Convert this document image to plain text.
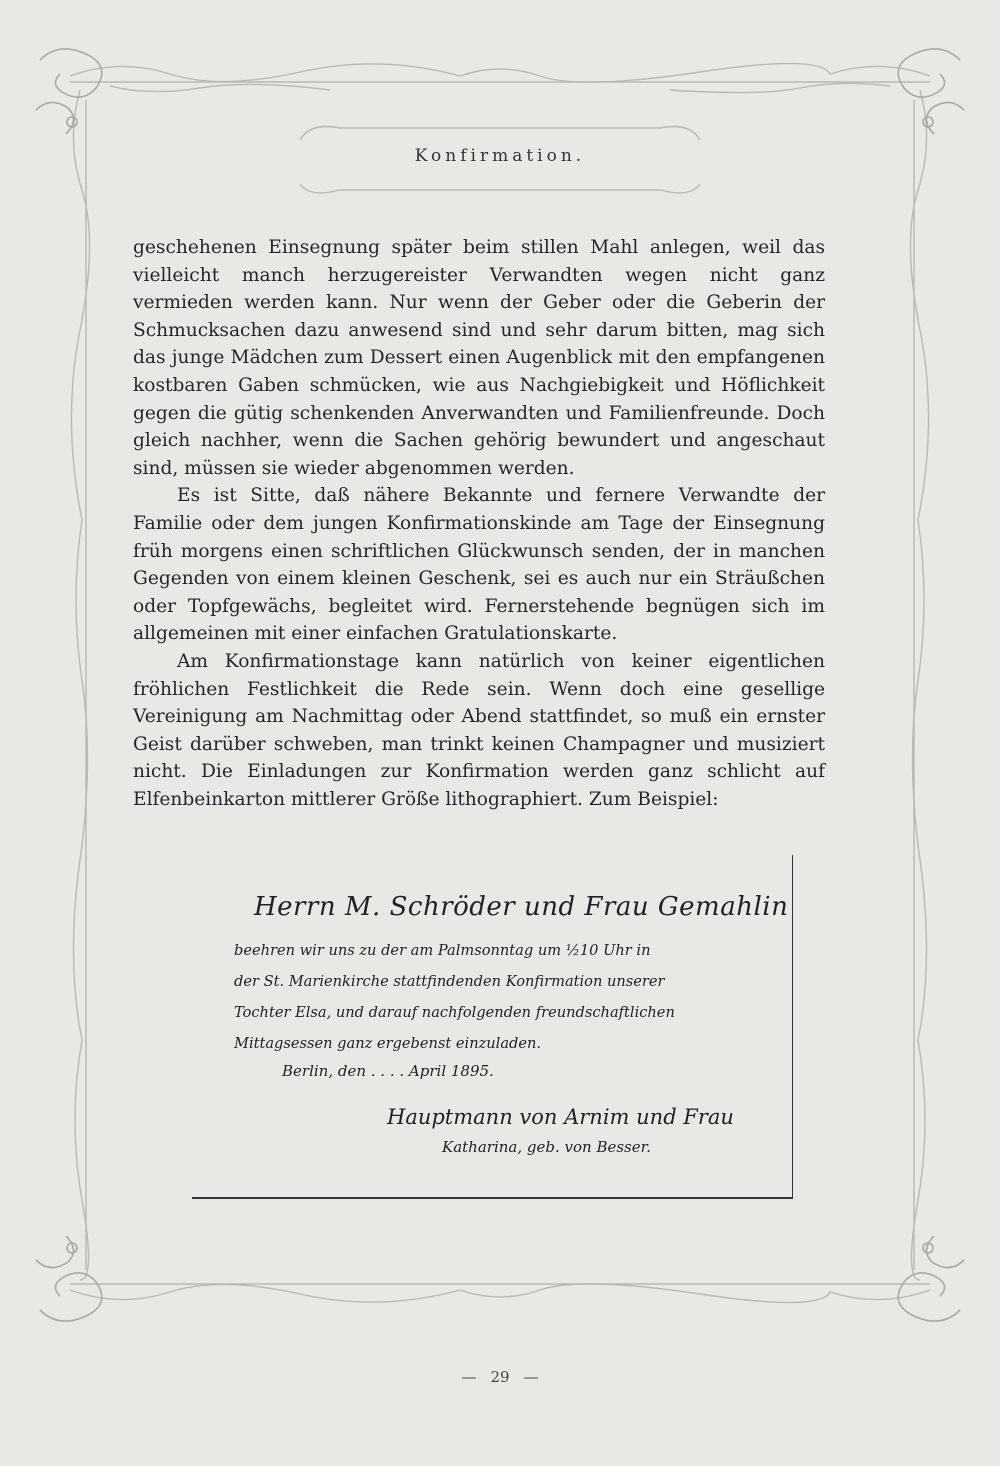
Konfirmation.

geschehenen Einsegnung später beim stillen Mahl anlegen, weil das vielleicht manch herzugereister Verwandten wegen nicht ganz vermieden werden kann. Nur wenn der Geber oder die Geberin der Schmucksachen dazu anwesend sind und sehr darum bitten, mag sich das junge Mädchen zum Dessert einen Augenblick mit den empfangenen kostbaren Gaben schmücken, wie aus Nachgiebigkeit und Höflichkeit gegen die gütig schenkenden Anverwandten und Familienfreunde. Doch gleich nachher, wenn die Sachen gehörig bewundert und angeschaut sind, müssen sie wieder abgenommen werden.

Es ist Sitte, daß nähere Bekannte und fernere Verwandte der Familie oder dem jungen Konfirmationskinde am Tage der Einsegnung früh morgens einen schriftlichen Glückwunsch senden, der in manchen Gegenden von einem kleinen Geschenk, sei es auch nur ein Sträußchen oder Topfgewächs, begleitet wird. Fernerstehende begnügen sich im allgemeinen mit einer einfachen Gratulationskarte.

Am Konfirmationstage kann natürlich von keiner eigentlichen fröhlichen Festlichkeit die Rede sein. Wenn doch eine gesellige Vereinigung am Nachmittag oder Abend stattfindet, so muß ein ernster Geist darüber schweben, man trinkt keinen Champagner und musiziert nicht. Die Einladungen zur Konfirmation werden ganz schlicht auf Elfenbeinkarton mittlerer Größe lithographiert. Zum Beispiel:

Herrn M. Schröder und Frau Gemahlin
beehren wir uns zu der am Palmsonntag um ½10 Uhr in
der St. Marienkirche stattfindenden Konfirmation unserer
Tochter Elsa, und darauf nachfolgenden freundschaftlichen
Mittagsessen ganz ergebenst einzuladen.
Berlin, den . . . . April 1895.
Hauptmann von Arnim und Frau
Katharina, geb. von Besser.
— 29 —
